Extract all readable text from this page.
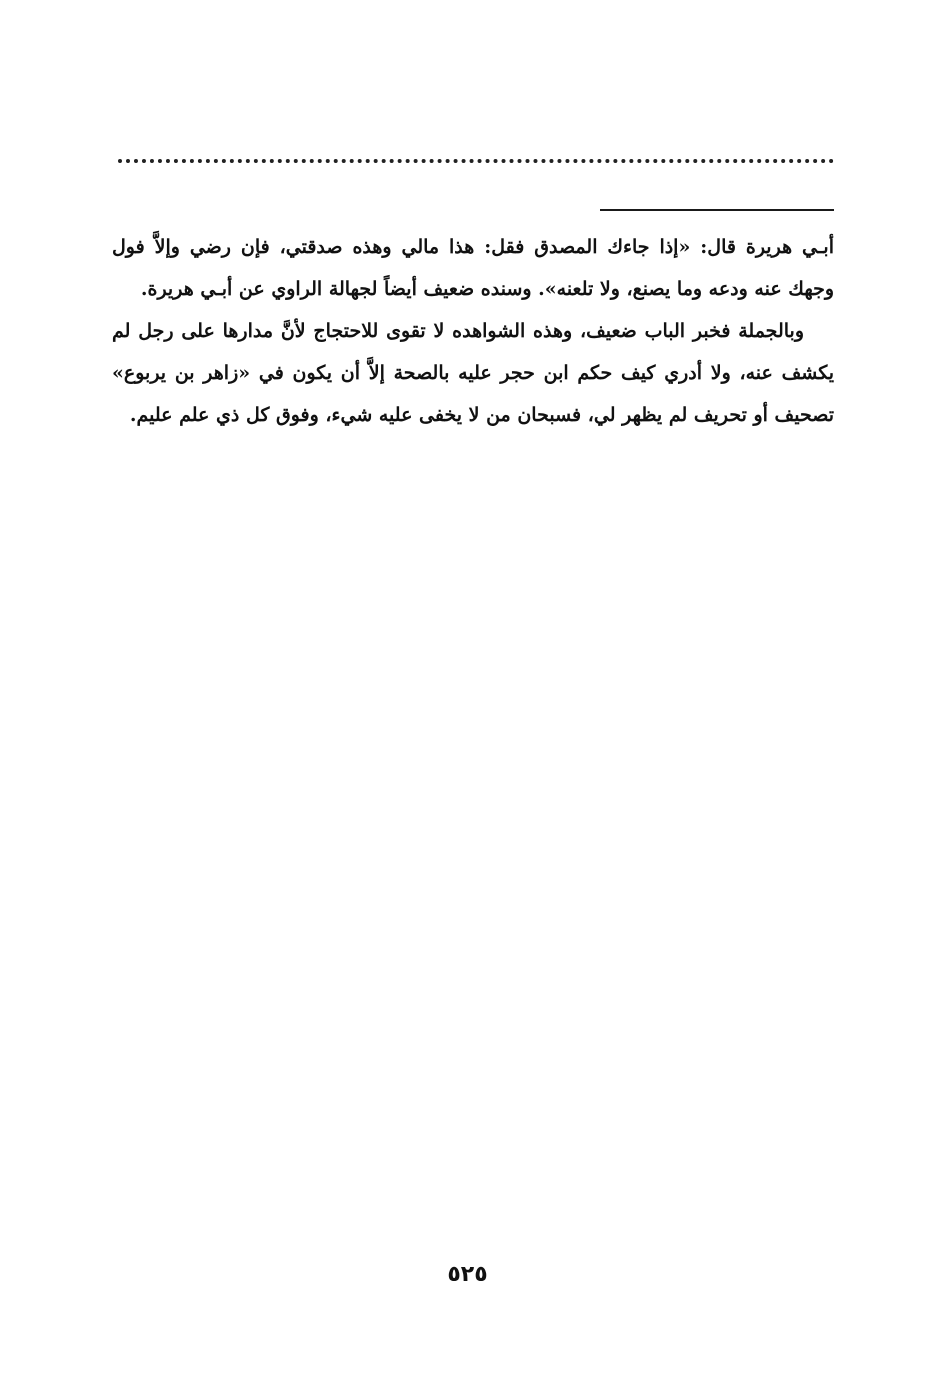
أبـي هريرة قال: «إذا جاءك المصدق فقل: هذا مالي وهذه صدقتي، فإن رضي وإلاَّ فول وجهك عنه ودعه وما يصنع، ولا تلعنه». وسنده ضعيف أيضاً لجهالة الراوي عن أبـي هريرة.

وبالجملة فخبر الباب ضعيف، وهذه الشواهده لا تقوى للاحتجاج لأنَّ مدارها على رجل لم يكشف عنه، ولا أدري كيف حكم ابن حجر عليه بالصحة إلاَّ أن يكون في «زاهر بن يربوع» تصحيف أو تحريف لم يظهر لي، فسبحان من لا يخفى عليه شيء، وفوق كل ذي علم عليم.

٥٢٥
